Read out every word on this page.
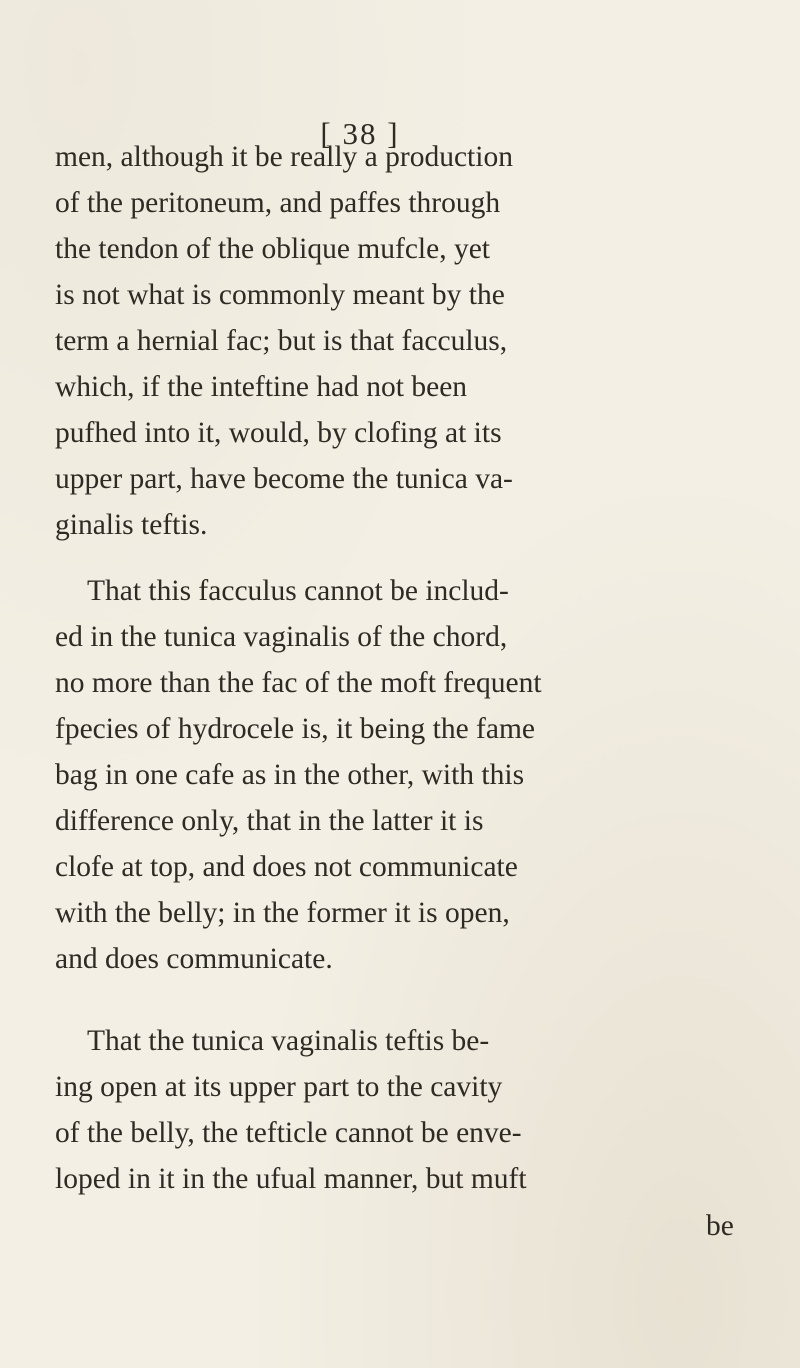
[ 38 ]
men, although it be really a production
of the peritoneum, and paffes through
the tendon of the oblique mufcle, yet
is not what is commonly meant by the
term a hernial fac; but is that facculus,
which, if the inteftine had not been
pufhed into it, would, by clofing at its
upper part, have become the tunica va-
ginalis teftis.
That this facculus cannot be includ-
ed in the tunica vaginalis of the chord,
no more than the fac of the moft frequent
fpecies of hydrocele is, it being the fame
bag in one cafe as in the other, with this
difference only, that in the latter it is
clofe at top, and does not communicate
with the belly; in the former it is open,
and does communicate.
That the tunica vaginalis teftis be-
ing open at its upper part to the cavity
of the belly, the tefticle cannot be enve-
loped in it in the ufual manner, but muft
be
